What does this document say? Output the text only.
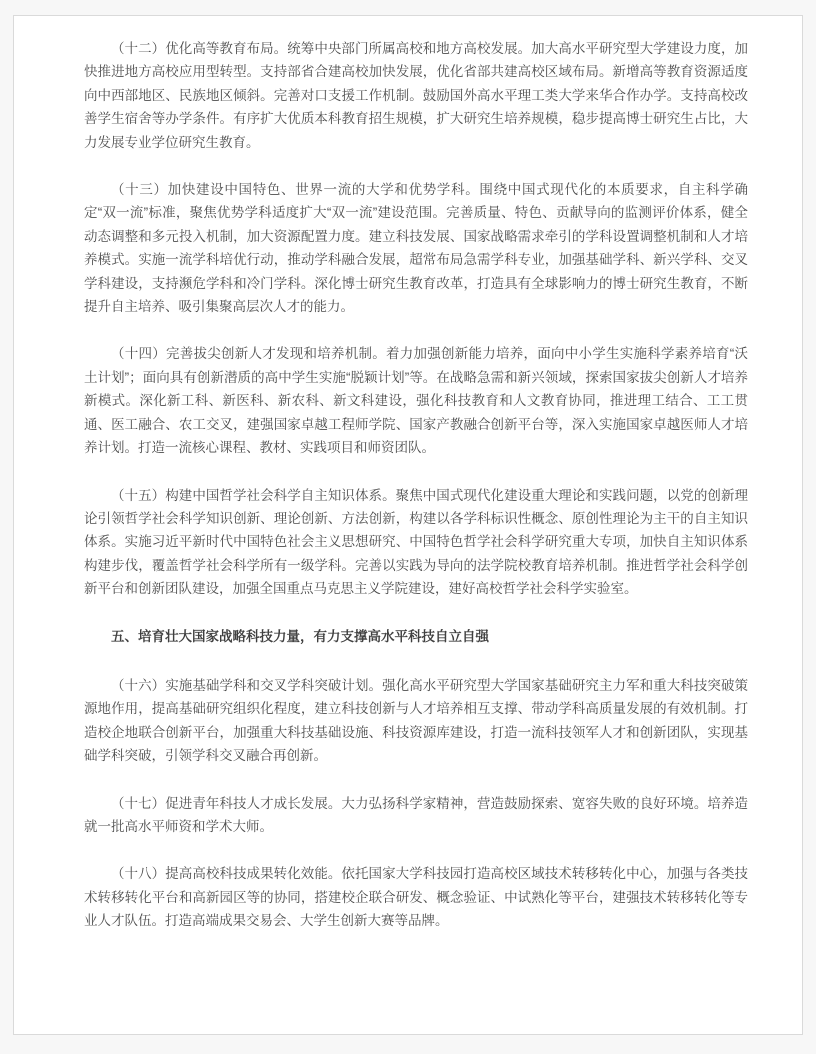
（十二）优化高等教育布局。统筹中央部门所属高校和地方高校发展。加大高水平研究型大学建设力度，加快推进地方高校应用型转型。支持部省合建高校加快发展，优化省部共建高校区域布局。新增高等教育资源适度向中西部地区、民族地区倾斜。完善对口支援工作机制。鼓励国外高水平理工类大学来华合作办学。支持高校改善学生宿舍等办学条件。有序扩大优质本科教育招生规模，扩大研究生培养规模，稳步提高博士研究生占比，大力发展专业学位研究生教育。

（十三）加快建设中国特色、世界一流的大学和优势学科。围绕中国式现代化的本质要求，自主科学确定“双一流”标准，聚焦优势学科适度扩大“双一流”建设范围。完善质量、特色、贡献导向的监测评价体系，健全动态调整和多元投入机制，加大资源配置力度。建立科技发展、国家战略需求牵引的学科设置调整机制和人才培养模式。实施一流学科培优行动，推动学科融合发展，超常布局急需学科专业，加强基础学科、新兴学科、交叉学科建设，支持濒危学科和冷门学科。深化博士研究生教育改革，打造具有全球影响力的博士研究生教育，不断提升自主培养、吸引集聚高层次人才的能力。

（十四）完善拔尖创新人才发现和培养机制。着力加强创新能力培养，面向中小学生实施科学素养培育“沃土计划”；面向具有创新潜质的高中学生实施“脱颖计划”等。在战略急需和新兴领域，探索国家拔尖创新人才培养新模式。深化新工科、新医科、新农科、新文科建设，强化科技教育和人文教育协同，推进理工结合、工工贯通、医工融合、农工交叉，建强国家卓越工程师学院、国家产教融合创新平台等，深入实施国家卓越医师人才培养计划。打造一流核心课程、教材、实践项目和师资团队。

（十五）构建中国哲学社会科学自主知识体系。聚焦中国式现代化建设重大理论和实践问题，以党的创新理论引领哲学社会科学知识创新、理论创新、方法创新，构建以各学科标识性概念、原创性理论为主干的自主知识体系。实施习近平新时代中国特色社会主义思想研究、中国特色哲学社会科学研究重大专项，加快自主知识体系构建步伐，覆盖哲学社会科学所有一级学科。完善以实践为导向的法学院校教育培养机制。推进哲学社会科学创新平台和创新团队建设，加强全国重点马克思主义学院建设，建好高校哲学社会科学实验室。

五、培育壮大国家战略科技力量，有力支撑高水平科技自立自强

（十六）实施基础学科和交叉学科突破计划。强化高水平研究型大学国家基础研究主力军和重大科技突破策源地作用，提高基础研究组织化程度，建立科技创新与人才培养相互支撑、带动学科高质量发展的有效机制。打造校企地联合创新平台，加强重大科技基础设施、科技资源库建设，打造一流科技领军人才和创新团队，实现基础学科突破，引领学科交叉融合再创新。

（十七）促进青年科技人才成长发展。大力弘扬科学家精神，营造鼓励探索、宽容失败的良好环境。培养造就一批高水平师资和学术大师。

（十八）提高高校科技成果转化效能。依托国家大学科技园打造高校区域技术转移转化中心，加强与各类技术转移转化平台和高新园区等的协同，搭建校企联合研发、概念验证、中试熟化等平台，建强技术转移转化等专业人才队伍。打造高端成果交易会、大学生创新大赛等品牌。
